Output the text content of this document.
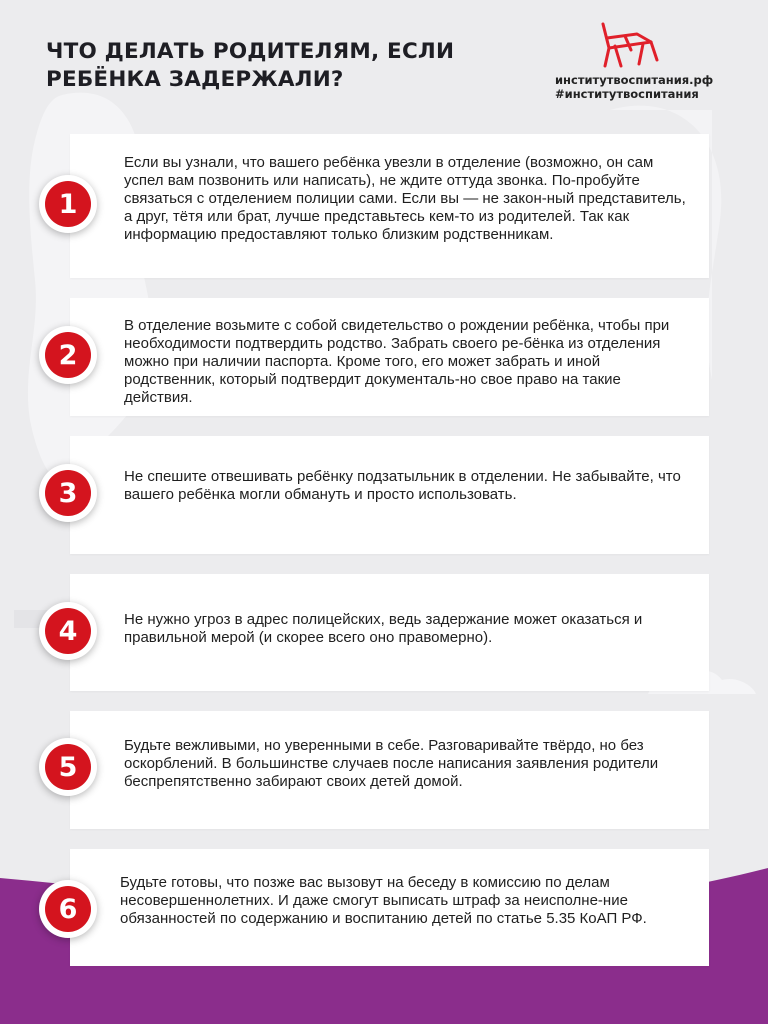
ЧТО ДЕЛАТЬ РОДИТЕЛЯМ, ЕСЛИ РЕБЁНКА ЗАДЕРЖАЛИ?	институтвоспитания.рф
#институтвоспитания

Если вы узнали, что вашего ребёнка увезли в отделение (возможно, он сам успел вам позвонить или написать), не ждите оттуда звонка. По-пробуйте связаться с отделением полиции сами. Если вы — не закон-ный представитель, а друг, тётя или брат, лучше представьтесь кем-то из родителей. Так как информацию предоставляют только близким родственникам.

1

В отделение возьмите с собой свидетельство о рождении ребёнка, чтобы при необходимости подтвердить родство. Забрать своего ре-бёнка из отделения можно при наличии паспорта. Кроме того, его может забрать и иной родственник, который подтвердит документаль-но свое право на такие действия.

2

Не спешите отвешивать ребёнку подзатыльник в отделении. Не забывайте, что вашего ребёнка могли обмануть и просто использовать.

3

Не нужно угроз в адрес полицейских, ведь задержание может оказаться и правильной мерой (и скорее всего оно правомерно).

4

Будьте вежливыми, но уверенными в себе. Разговаривайте твёрдо, но без оскорблений. В большинстве случаев после написания заявления родители беспрепятственно забирают своих детей домой.

5

Будьте готовы, что позже вас вызовут на беседу в комиссию по делам несовершеннолетних. И даже смогут выписать штраф за неисполне-ние обязанностей по содержанию и воспитанию детей по статье 5.35 КоАП РФ.

6
